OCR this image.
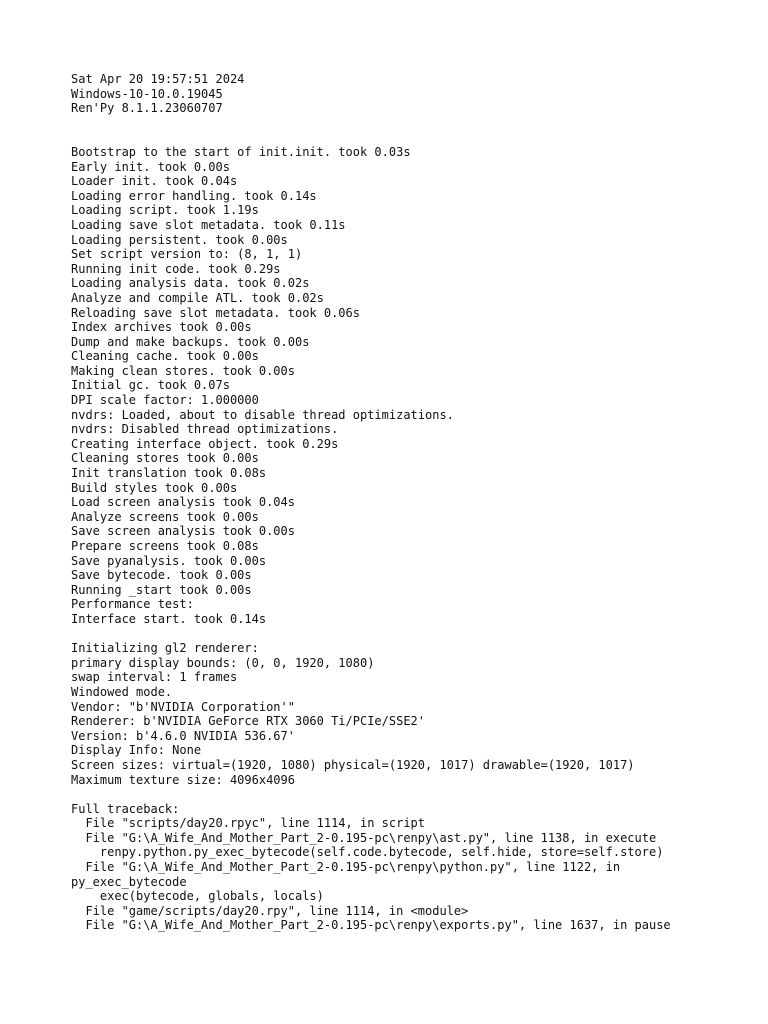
Sat Apr 20 19:57:51 2024
Windows-10-10.0.19045
Ren'Py 8.1.1.23060707
Bootstrap to the start of init.init. took 0.03s
Early init. took 0.00s
Loader init. took 0.04s
Loading error handling. took 0.14s
Loading script. took 1.19s
Loading save slot metadata. took 0.11s
Loading persistent. took 0.00s
Set script version to: (8, 1, 1)
Running init code. took 0.29s
Loading analysis data. took 0.02s
Analyze and compile ATL. took 0.02s
Reloading save slot metadata. took 0.06s
Index archives took 0.00s
Dump and make backups. took 0.00s
Cleaning cache. took 0.00s
Making clean stores. took 0.00s
Initial gc. took 0.07s
DPI scale factor: 1.000000
nvdrs: Loaded, about to disable thread optimizations.
nvdrs: Disabled thread optimizations.
Creating interface object. took 0.29s
Cleaning stores took 0.00s
Init translation took 0.08s
Build styles took 0.00s
Load screen analysis took 0.04s
Analyze screens took 0.00s
Save screen analysis took 0.00s
Prepare screens took 0.08s
Save pyanalysis. took 0.00s
Save bytecode. took 0.00s
Running _start took 0.00s
Performance test:
Interface start. took 0.14s
Initializing gl2 renderer:
primary display bounds: (0, 0, 1920, 1080)
swap interval: 1 frames
Windowed mode.
Vendor: "b'NVIDIA Corporation'"
Renderer: b'NVIDIA GeForce RTX 3060 Ti/PCIe/SSE2'
Version: b'4.6.0 NVIDIA 536.67'
Display Info: None
Screen sizes: virtual=(1920, 1080) physical=(1920, 1017) drawable=(1920, 1017)
Maximum texture size: 4096x4096
Full traceback:
File "scripts/day20.rpyc", line 1114, in script
File "G:\A_Wife_And_Mother_Part_2-0.195-pc\renpy\ast.py", line 1138, in execute
renpy.python.py_exec_bytecode(self.code.bytecode, self.hide, store=self.store)
File "G:\A_Wife_And_Mother_Part_2-0.195-pc\renpy\python.py", line 1122, in
py_exec_bytecode
exec(bytecode, globals, locals)
File "game/scripts/day20.rpy", line 1114, in <module>
File "G:\A_Wife_And_Mother_Part_2-0.195-pc\renpy\exports.py", line 1637, in pause
